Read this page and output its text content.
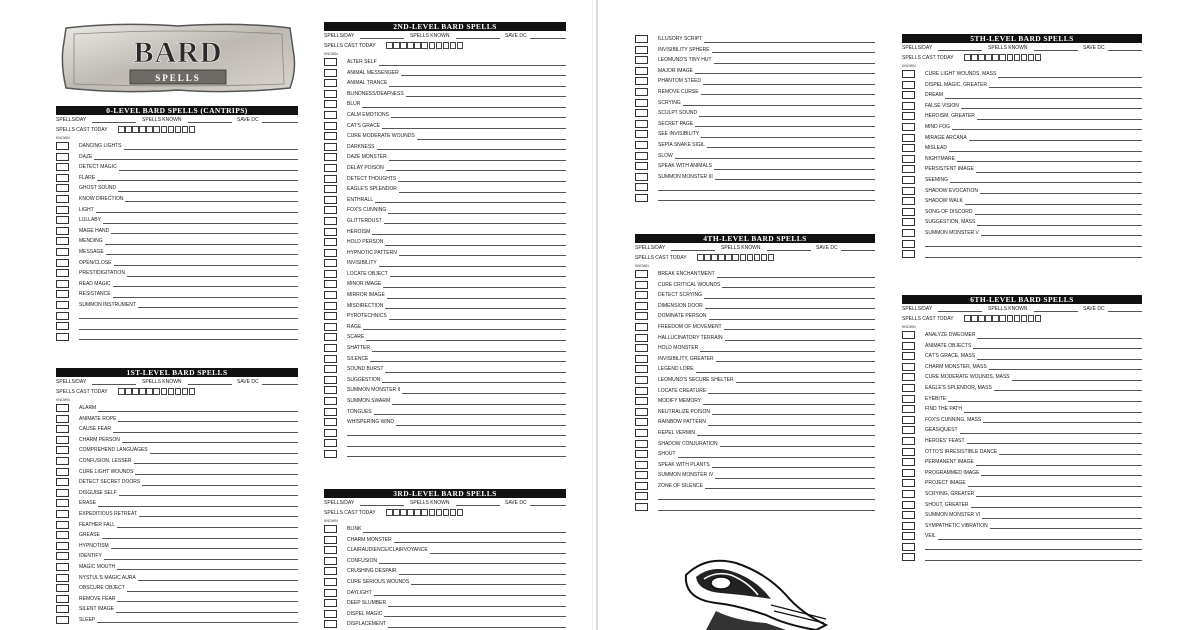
BARD
SPELLS
0-LEVEL BARD SPELLS (CANTRIPS)
SPELLS/DAY	SPELLS KNOWN	SAVE DC
SPELLS CAST TODAY
KNOWN
DANCING LIGHTS
DAZE
DETECT MAGIC
FLARE
GHOST SOUND
KNOW DIRECTION
LIGHT
LULLABY
MAGE HAND
MENDING
MESSAGE
OPEN/CLOSE
PRESTIDIGITATION
READ MAGIC
RESISTANCE
SUMMON INSTRUMENT
1ST-LEVEL BARD SPELLS
SPELLS/DAY	SPELLS KNOWN	SAVE DC
SPELLS CAST TODAY
KNOWN
ALARM
ANIMATE ROPE
CAUSE FEAR
CHARM PERSON
COMPREHEND LANGUAGES
CONFUSION, LESSER
CURE LIGHT WOUNDS
DETECT SECRET DOORS
DISGUISE SELF
ERASE
EXPEDITIOUS RETREAT
FEATHER FALL
GREASE
HYPNOTISM
IDENTIFY
MAGIC MOUTH
NYSTUL'S MAGIC AURA
OBSCURE OBJECT
REMOVE FEAR
SILENT IMAGE
SLEEP
2ND-LEVEL BARD SPELLS
SPELLS/DAY	SPELLS KNOWN	SAVE DC
SPELLS CAST TODAY
KNOWN
ALTER SELF
ANIMAL MESSENGER
ANIMAL TRANCE
BLINDNESS/DEAFNESS
BLUR
CALM EMOTIONS
CAT'S GRACE
CURE MODERATE WOUNDS
DARKNESS
DAZE MONSTER
DELAY POISON
DETECT THOUGHTS
EAGLE'S SPLENDOR
ENTHRALL
FOX'S CUNNING
GLITTERDUST
HEROISM
HOLD PERSON
HYPNOTIC PATTERN
INVISIBILITY
LOCATE OBJECT
MINOR IMAGE
MIRROR IMAGE
MISDIRECTION
PYROTECHNICS
RAGE
SCARE
SHATTER
SILENCE
SOUND BURST
SUGGESTION
SUMMON MONSTER II
SUMMON SWARM
TONGUES
WHISPERING WIND
3RD-LEVEL BARD SPELLS
SPELLS/DAY	SPELLS KNOWN	SAVE DC
SPELLS CAST TODAY
KNOWN
BLINK
CHARM MONSTER
CLAIRAUDIENCE/CLAIRVOYANCE
CONFUSION
CRUSHING DESPAIR
CURE SERIOUS WOUNDS
DAYLIGHT
DEEP SLUMBER
DISPEL MAGIC
DISPLACEMENT
ILLUSORY SCRIPT
INVISIBILITY SPHERE
LEOMUND'S TINY HUT
MAJOR IMAGE
PHANTOM STEED
REMOVE CURSE
SCRYING
SCULPT SOUND
SECRET PAGE
SEE INVISIBILITY
SEPIA SNAKE SIGIL
SLOW
SPEAK WITH ANIMALS
SUMMON MONSTER III
4TH-LEVEL BARD SPELLS
SPELLS/DAY	SPELLS KNOWN	SAVE DC
SPELLS CAST TODAY
KNOWN
BREAK ENCHANTMENT
CURE CRITICAL WOUNDS
DETECT SCRYING
DIMENSION DOOR
DOMINATE PERSON
FREEDOM OF MOVEMENT
HALLUCINATORY TERRAIN
HOLD MONSTER
INVISIBILITY, GREATER
LEGEND LORE
LEOMUND'S SECURE SHELTER
LOCATE CREATURE
MODIFY MEMORY
NEUTRALIZE POISON
RAINBOW PATTERN
REPEL VERMIN
SHADOW CONJURATION
SHOUT
SPEAK WITH PLANTS
SUMMON MONSTER IV
ZONE OF SILENCE
5TH-LEVEL BARD SPELLS
SPELLS/DAY	SPELLS KNOWN	SAVE DC
SPELLS CAST TODAY
KNOWN
CURE LIGHT WOUNDS, MASS
DISPEL MAGIC, GREATER
DREAM
FALSE VISION
HEROISM, GREATER
MIND FOG
MIRAGE ARCANA
MISLEAD
NIGHTMARE
PERSISTENT IMAGE
SEEMING
SHADOW EVOCATION
SHADOW WALK
SONG OF DISCORD
SUGGESTION, MASS
SUMMON MONSTER V
6TH-LEVEL BARD SPELLS
SPELLS/DAY	SPELLS KNOWN	SAVE DC
SPELLS CAST TODAY
KNOWN
ANALYZE DWEOMER
ANIMATE OBJECTS
CAT'S GRACE, MASS
CHARM MONSTER, MASS
CURE MODERATE WOUNDS, MASS
EAGLE'S SPLENDOR, MASS
EYEBITE
FIND THE PATH
FOX'S CUNNING, MASS
GEAS/QUEST
HEROES' FEAST
OTTO'S IRRESISTIBLE DANCE
PERMANENT IMAGE
PROGRAMMED IMAGE
PROJECT IMAGE
SCRYING, GREATER
SHOUT, GREATER
SUMMON MONSTER VI
SYMPATHETIC VIBRATION
VEIL
